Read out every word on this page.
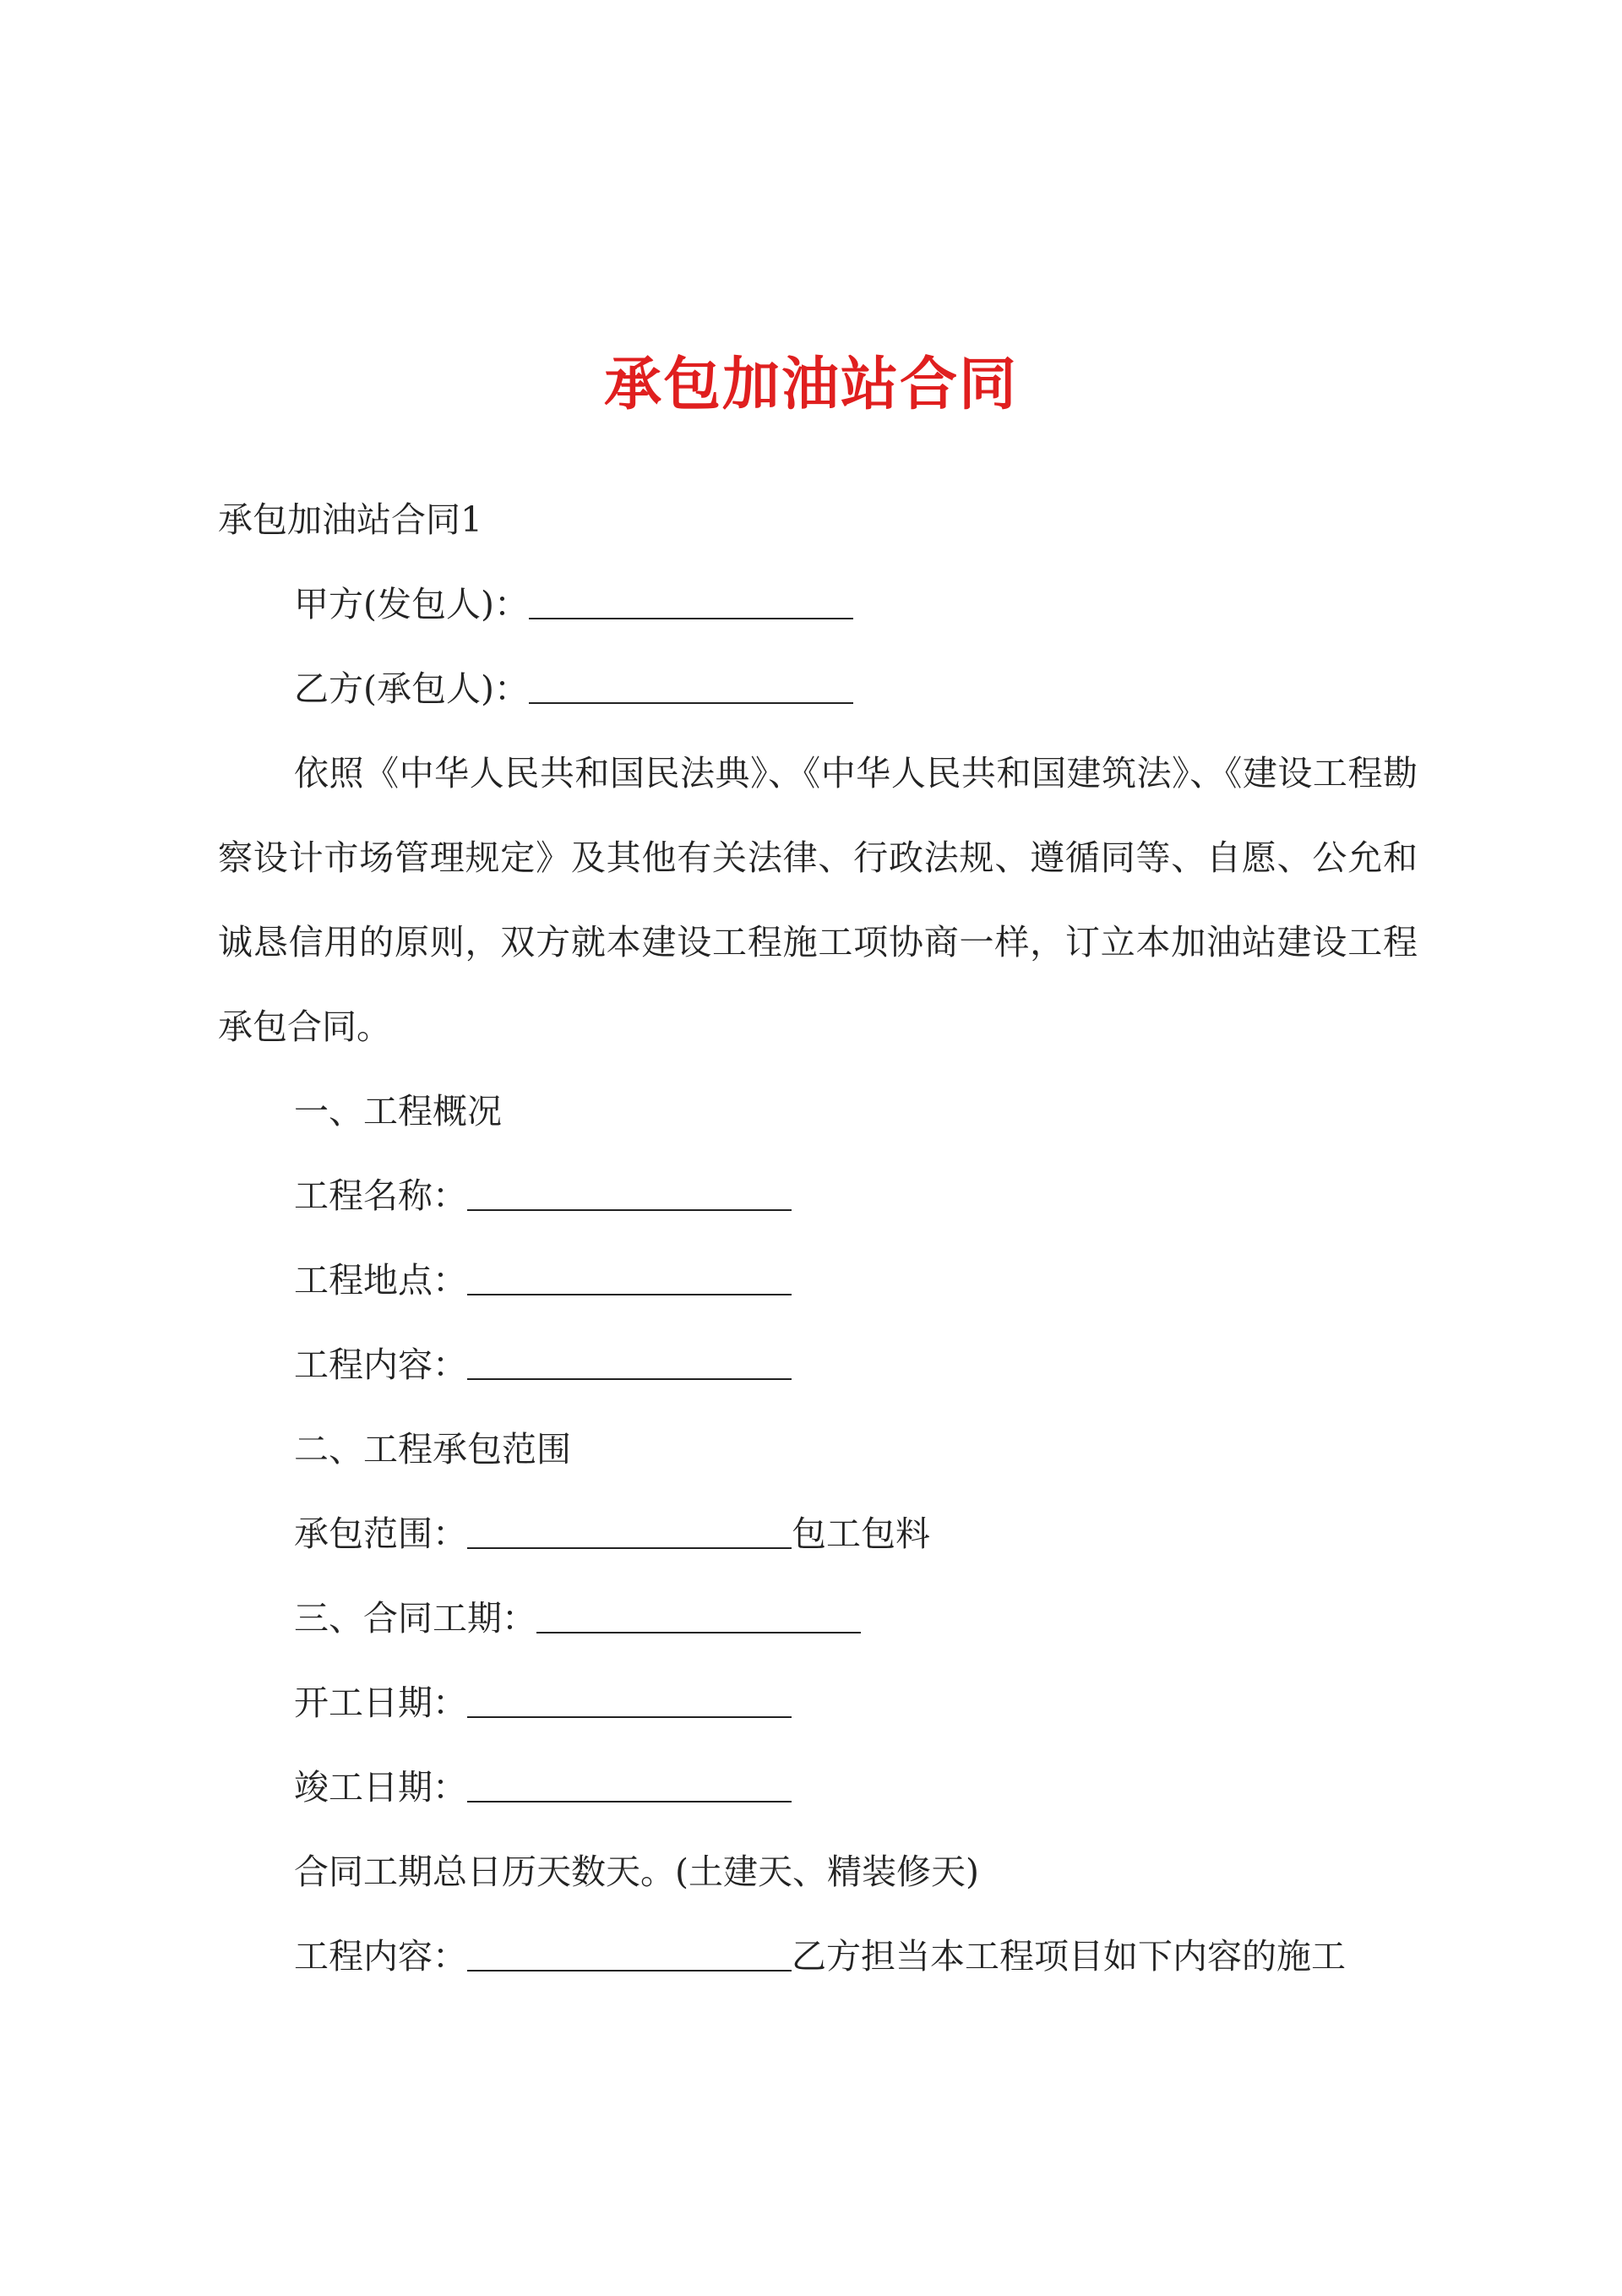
承包加油站合同

承包加油站合同1

甲方(发包人)：

乙方(承包人)：

依照《中华人民共和国民法典》、《中华人民共和国建筑法》、《建设工程勘察设计市场管理规定》及其他有关法律、行政法规、遵循同等、自愿、公允和诚恳信用的原则，双方就本建设工程施工项协商一样，订立本加油站建设工程承包合同。

一、工程概况

工程名称：

工程地点：

工程内容：

二、工程承包范围

承包范围：	包工包料

三、合同工期：

开工日期：

竣工日期：

合同工期总日历天数天。(土建天、精装修天)

工程内容：	乙方担当本工程项目如下内容的施工
